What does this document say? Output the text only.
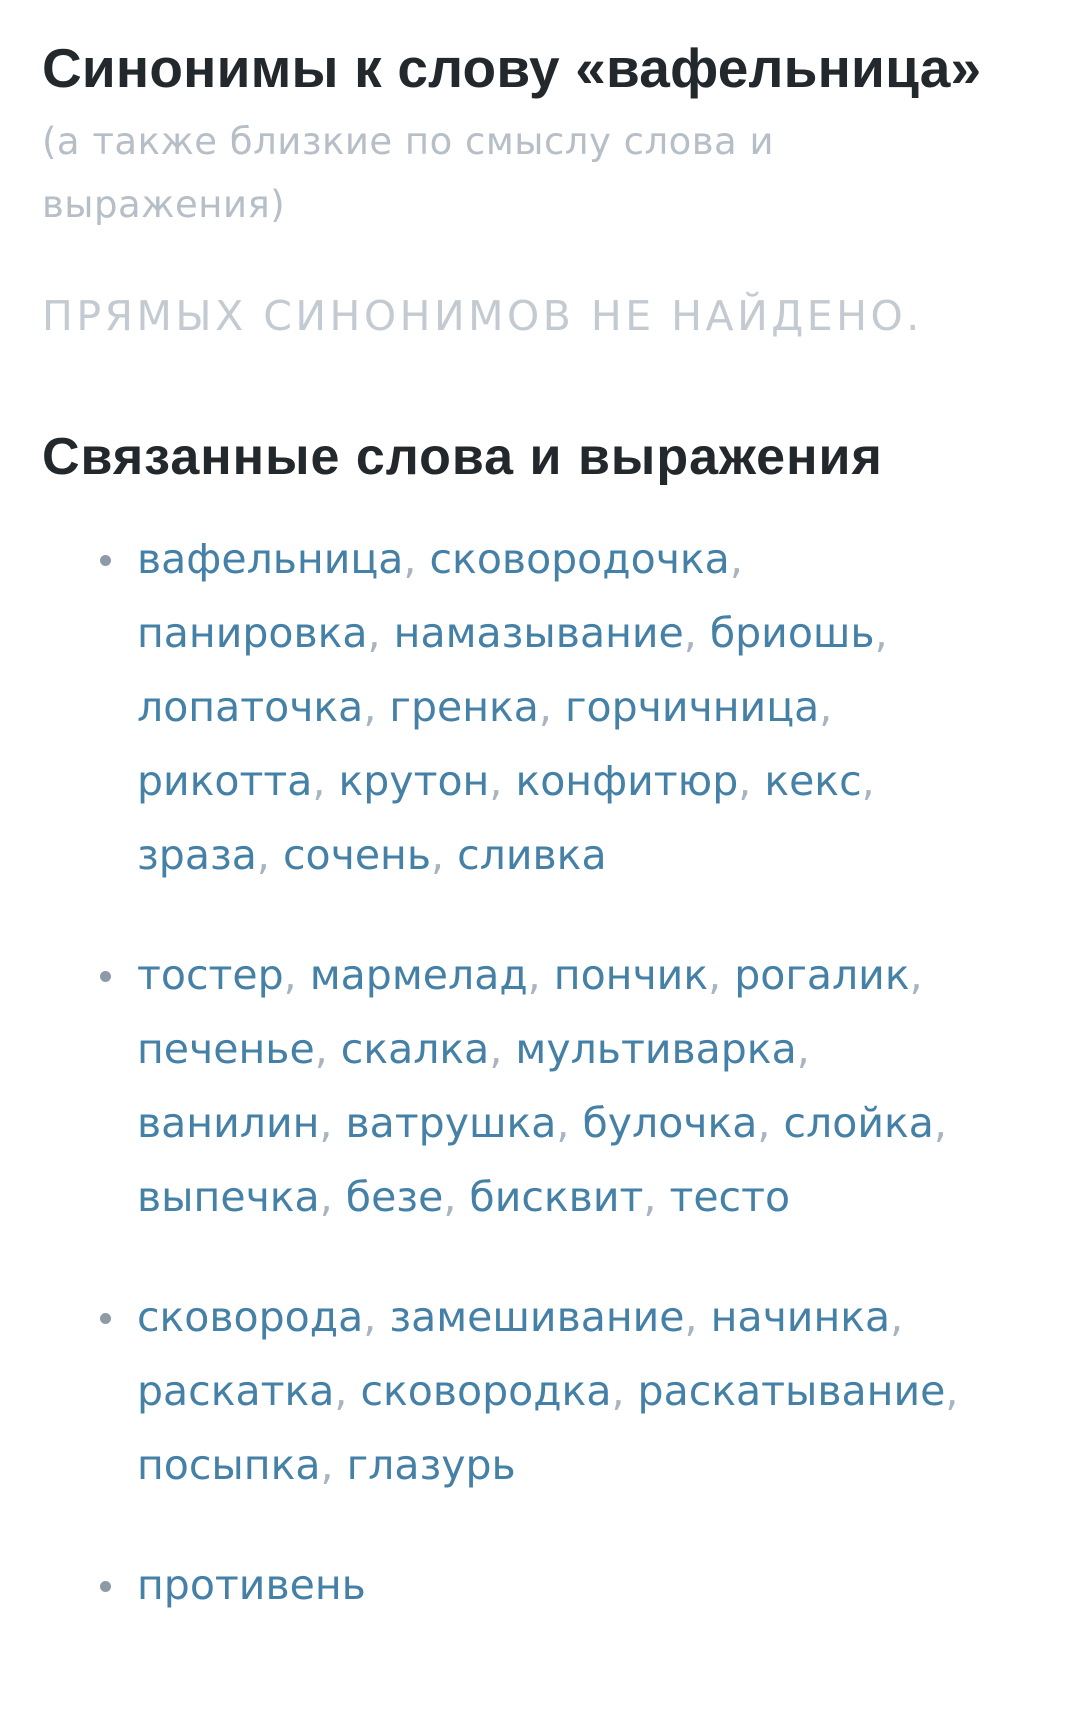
Синонимы к слову «вафельница»

(а также близкие по смыслу слова и выражения)

ПРЯМЫХ СИНОНИМОВ НЕ НАЙДЕНО.

Связанные слова и выражения
вафельница, сковородочка, панировка, намазывание, бриошь, лопаточка, гренка, горчичница, рикотта, крутон, конфитюр, кекс, зраза, сочень, сливка
тостер, мармелад, пончик, рогалик, печенье, скалка, мультиварка, ванилин, ватрушка, булочка, слойка, выпечка, безе, бисквит, тесто
сковорода, замешивание, начинка, раскатка, сковородка, раскатывание, посыпка, глазурь
противень
